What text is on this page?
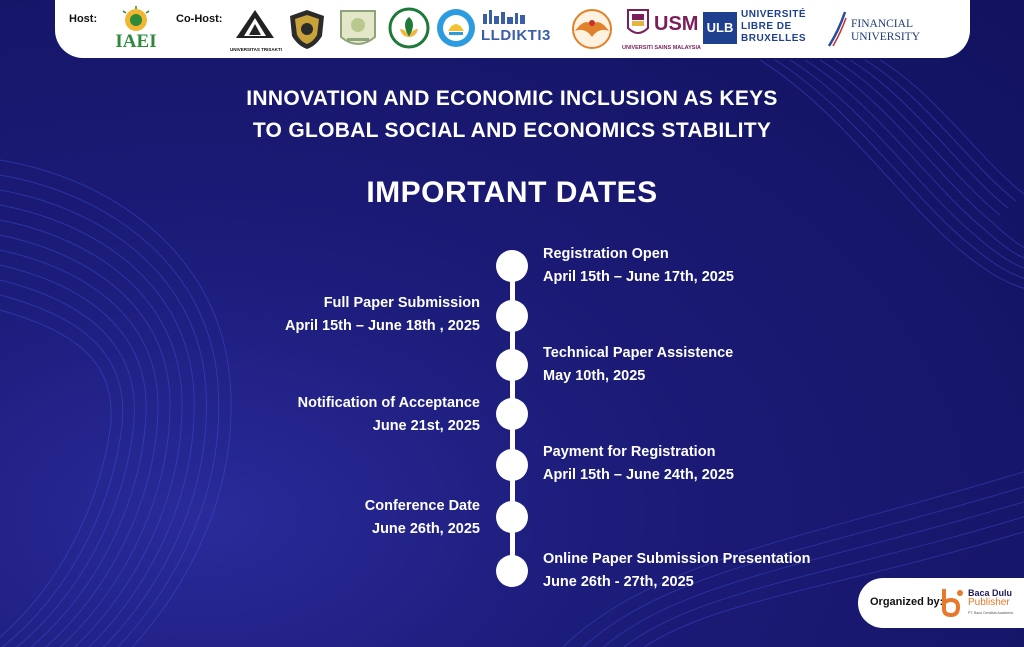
Host:
IAEI
Co-Host:
UNIVERSITAS TRISAKTI
LLDIKTI3
USM
UNIVERSITI SAINS MALAYSIA
ULB
UNIVERSITÉ LIBRE DE BRUXELLES
FINANCIAL UNIVERSITY
INNOVATION AND ECONOMIC INCLUSION AS KEYS
TO GLOBAL SOCIAL AND ECONOMICS STABILITY
IMPORTANT DATES
Registration Open
April 15th – June 17th, 2025
Full Paper Submission
April 15th – June 18th , 2025
Technical Paper Assistence
May 10th, 2025
Notification of Acceptance
June 21st, 2025
Payment for Registration
April 15th – June 24th, 2025
Conference Date
June 26th, 2025
Online Paper Submission Presentation
June 26th - 27th, 2025
Organized by:
Baca Dulu
Publisher
PT. Baca Cendikia Academia
